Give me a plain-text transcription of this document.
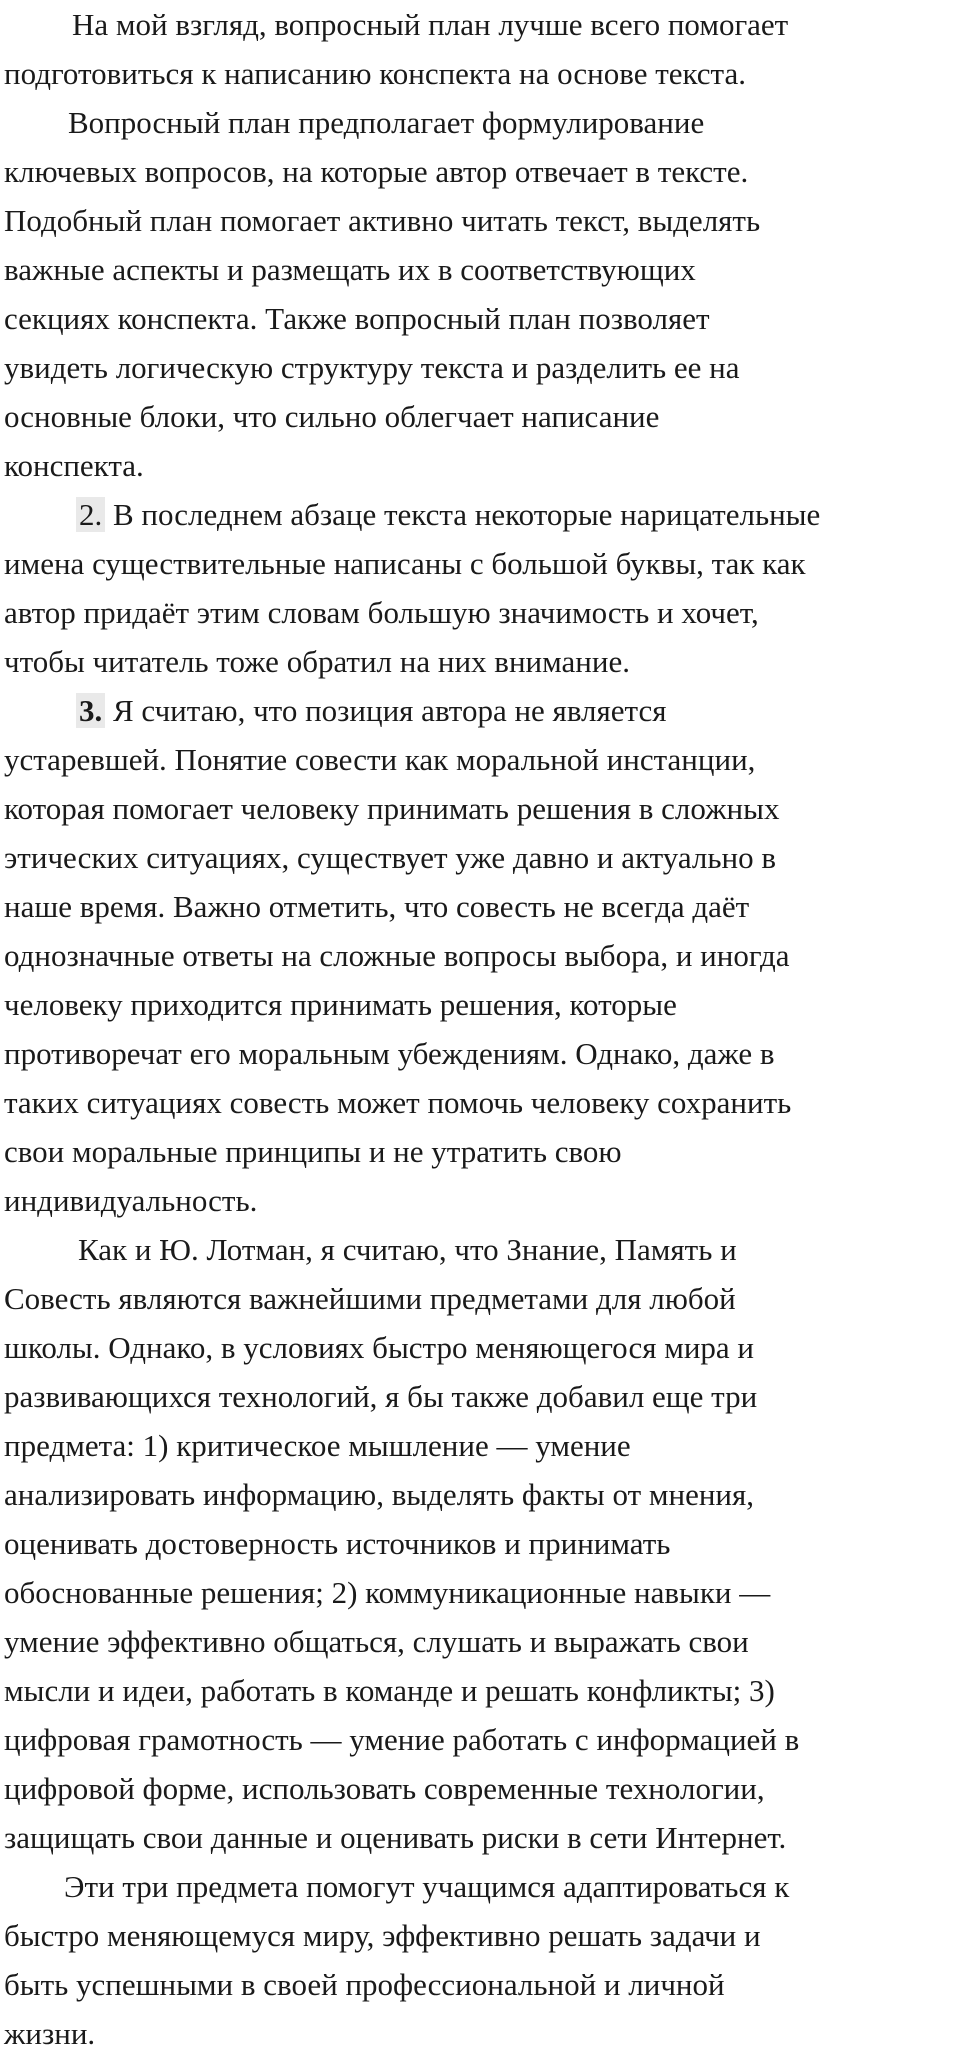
На мой взгляд, вопросный план лучше всего помогает
подготовиться к написанию конспекта на основе текста.
Вопросный план предполагает формулирование
ключевых вопросов, на которые автор отвечает в тексте.
Подобный план помогает активно читать текст, выделять
важные аспекты и размещать их в соответствующих
секциях конспекта. Также вопросный план позволяет
увидеть логическую структуру текста и разделить ее на
основные блоки, что сильно облегчает написание
конспекта.
2. В последнем абзаце текста некоторые нарицательные
имена существительные написаны с большой буквы, так как
автор придаёт этим словам большую значимость и хочет,
чтобы читатель тоже обратил на них внимание.
3. Я считаю, что позиция автора не является
устаревшей. Понятие совести как моральной инстанции,
которая помогает человеку принимать решения в сложных
этических ситуациях, существует уже давно и актуально в
наше время. Важно отметить, что совесть не всегда даёт
однозначные ответы на сложные вопросы выбора, и иногда
человеку приходится принимать решения, которые
противоречат его моральным убеждениям. Однако, даже в
таких ситуациях совесть может помочь человеку сохранить
свои моральные принципы и не утратить свою
индивидуальность.
Как и Ю. Лотман, я считаю, что Знание, Память и
Совесть являются важнейшими предметами для любой
школы. Однако, в условиях быстро меняющегося мира и
развивающихся технологий, я бы также добавил еще три
предмета: 1) критическое мышление — умение
анализировать информацию, выделять факты от мнения,
оценивать достоверность источников и принимать
обоснованные решения; 2) коммуникационные навыки —
умение эффективно общаться, слушать и выражать свои
мысли и идеи, работать в команде и решать конфликты; 3)
цифровая грамотность — умение работать с информацией в
цифровой форме, использовать современные технологии,
защищать свои данные и оценивать риски в сети Интернет.
Эти три предмета помогут учащимся адаптироваться к
быстро меняющемуся миру, эффективно решать задачи и
быть успешными в своей профессиональной и личной
жизни.
